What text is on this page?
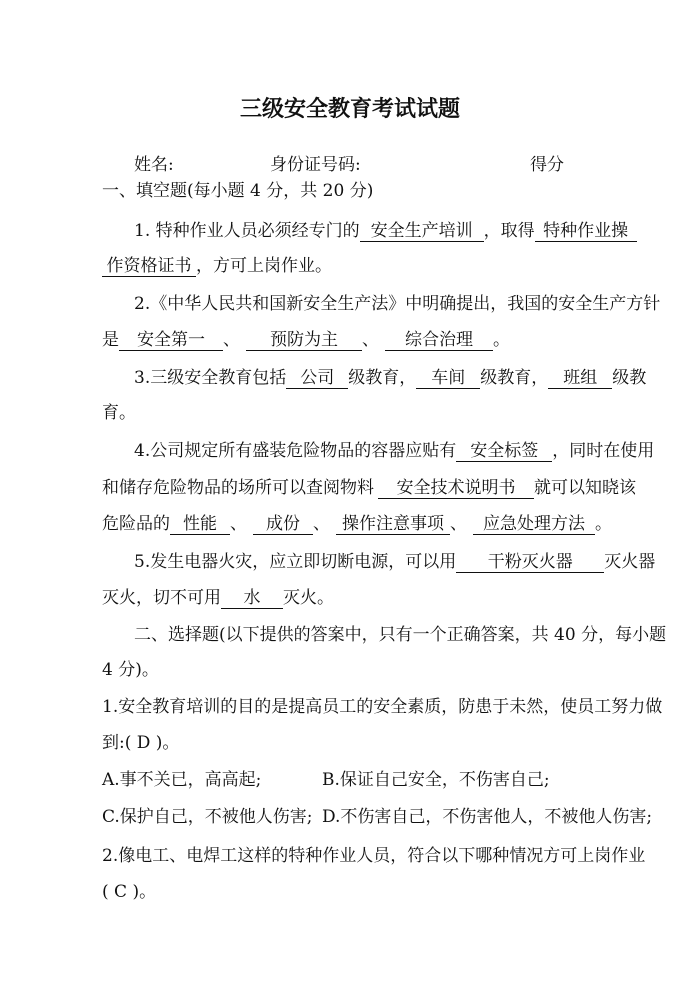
三级安全教育考试试题
姓名:	身份证号码:	得分
一、填空题(每小题 4 分，共 20 分)
1. 特种作业人员必须经专门的 安全生产培训 ，取得 特种作业操
作资格证书 ，方可上岗作业。
2.《中华人民共和国新安全生产法》中明确提出，我国的安全生产方针
是 安全第一 、 预防为主 、 综合治理 。
3.三级安全教育包括 公司 级教育， 车间 级教育， 班组 级教
育。
4.公司规定所有盛装危险物品的容器应贴有 安全标签 ，同时在使用
和储存危险物品的场所可以查阅物料 安全技术说明书 就可以知晓该
危险品的 性能 、 成份 、 操作注意事项 、 应急处理方法 。
5.发生电器火灾，应立即切断电源，可以用 干粉灭火器 灭火器
灭火，切不可用 水 灭火。
二、选择题(以下提供的答案中，只有一个正确答案，共 40 分，每小题
4 分)。
1.安全教育培训的目的是提高员工的安全素质，防患于未然，使员工努力做
到:( D )。
A.事不关已，高高起;	B.保证自己安全，不伤害自己;
C.保护自己，不被他人伤害; D.不伤害自己，不伤害他人，不被他人伤害;
2.像电工、电焊工这样的特种作业人员，符合以下哪种情况方可上岗作业
( C )。
